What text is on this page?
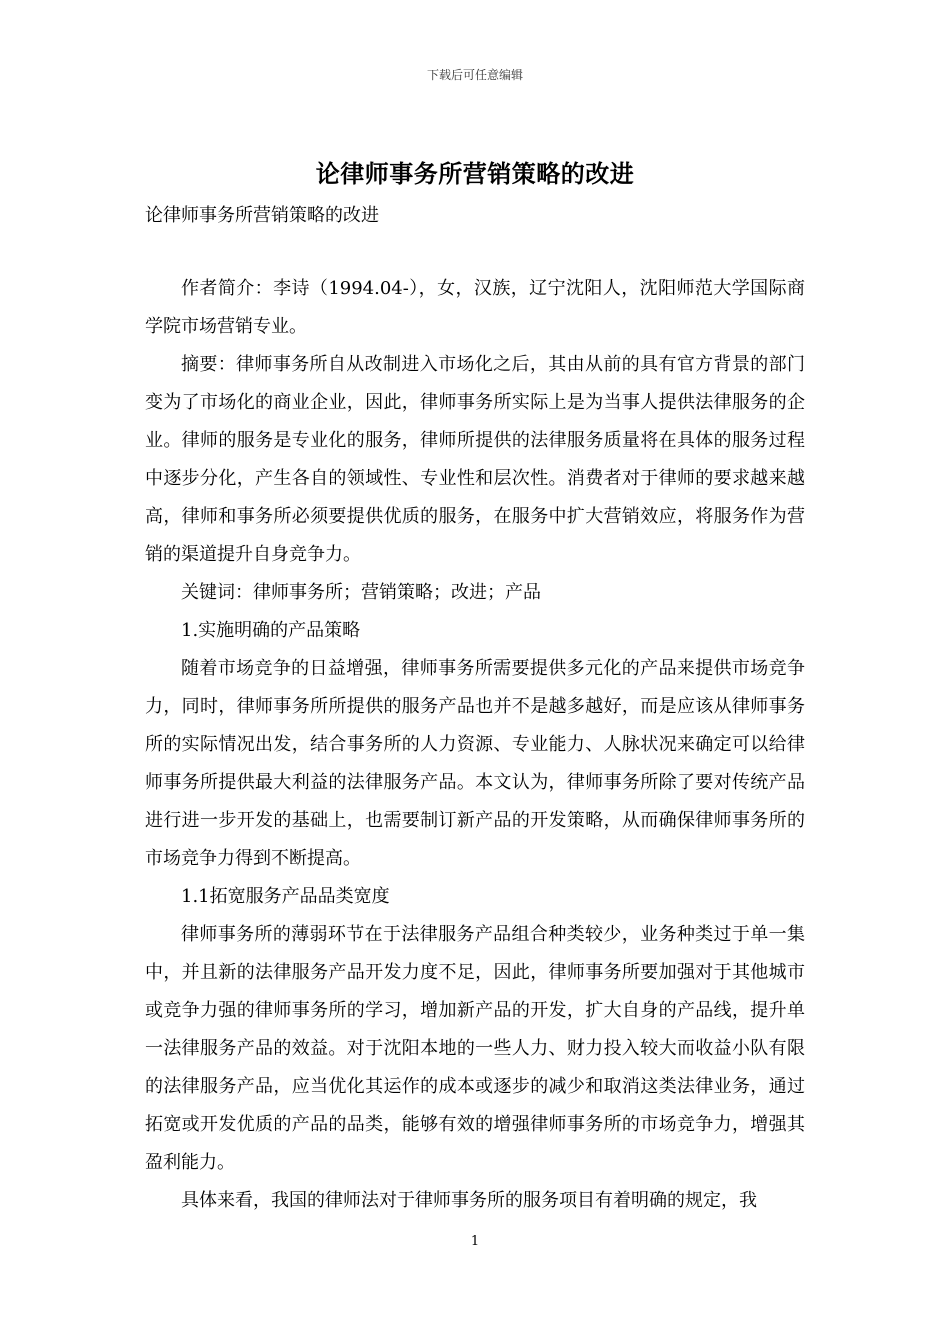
下载后可任意编辑
论律师事务所营销策略的改进
论律师事务所营销策略的改进

作者简介：李诗（1994.04-），女，汉族，辽宁沈阳人，沈阳师范大学国际商学院市场营销专业。

摘要：律师事务所自从改制进入市场化之后，其由从前的具有官方背景的部门变为了市场化的商业企业，因此，律师事务所实际上是为当事人提供法律服务的企业。律师的服务是专业化的服务，律师所提供的法律服务质量将在具体的服务过程中逐步分化，产生各自的领域性、专业性和层次性。消费者对于律师的要求越来越高，律师和事务所必须要提供优质的服务，在服务中扩大营销效应，将服务作为营销的渠道提升自身竞争力。

关键词：律师事务所；营销策略；改进；产品

1.实施明确的产品策略

随着市场竞争的日益增强，律师事务所需要提供多元化的产品来提供市场竞争力，同时，律师事务所所提供的服务产品也并不是越多越好，而是应该从律师事务所的实际情况出发，结合事务所的人力资源、专业能力、人脉状况来确定可以给律师事务所提供最大利益的法律服务产品。本文认为，律师事务所除了要对传统产品进行进一步开发的基础上，也需要制订新产品的开发策略，从而确保律师事务所的市场竞争力得到不断提高。

1.1拓宽服务产品品类宽度

律师事务所的薄弱环节在于法律服务产品组合种类较少，业务种类过于单一集中，并且新的法律服务产品开发力度不足，因此，律师事务所要加强对于其他城市或竞争力强的律师事务所的学习，增加新产品的开发，扩大自身的产品线，提升单一法律服务产品的效益。对于沈阳本地的一些人力、财力投入较大而收益小队有限的法律服务产品，应当优化其运作的成本或逐步的减少和取消这类法律业务，通过拓宽或开发优质的产品的品类，能够有效的增强律师事务所的市场竞争力，增强其盈利能力。

具体来看，我国的律师法对于律师事务所的服务项目有着明确的规定，我

1
